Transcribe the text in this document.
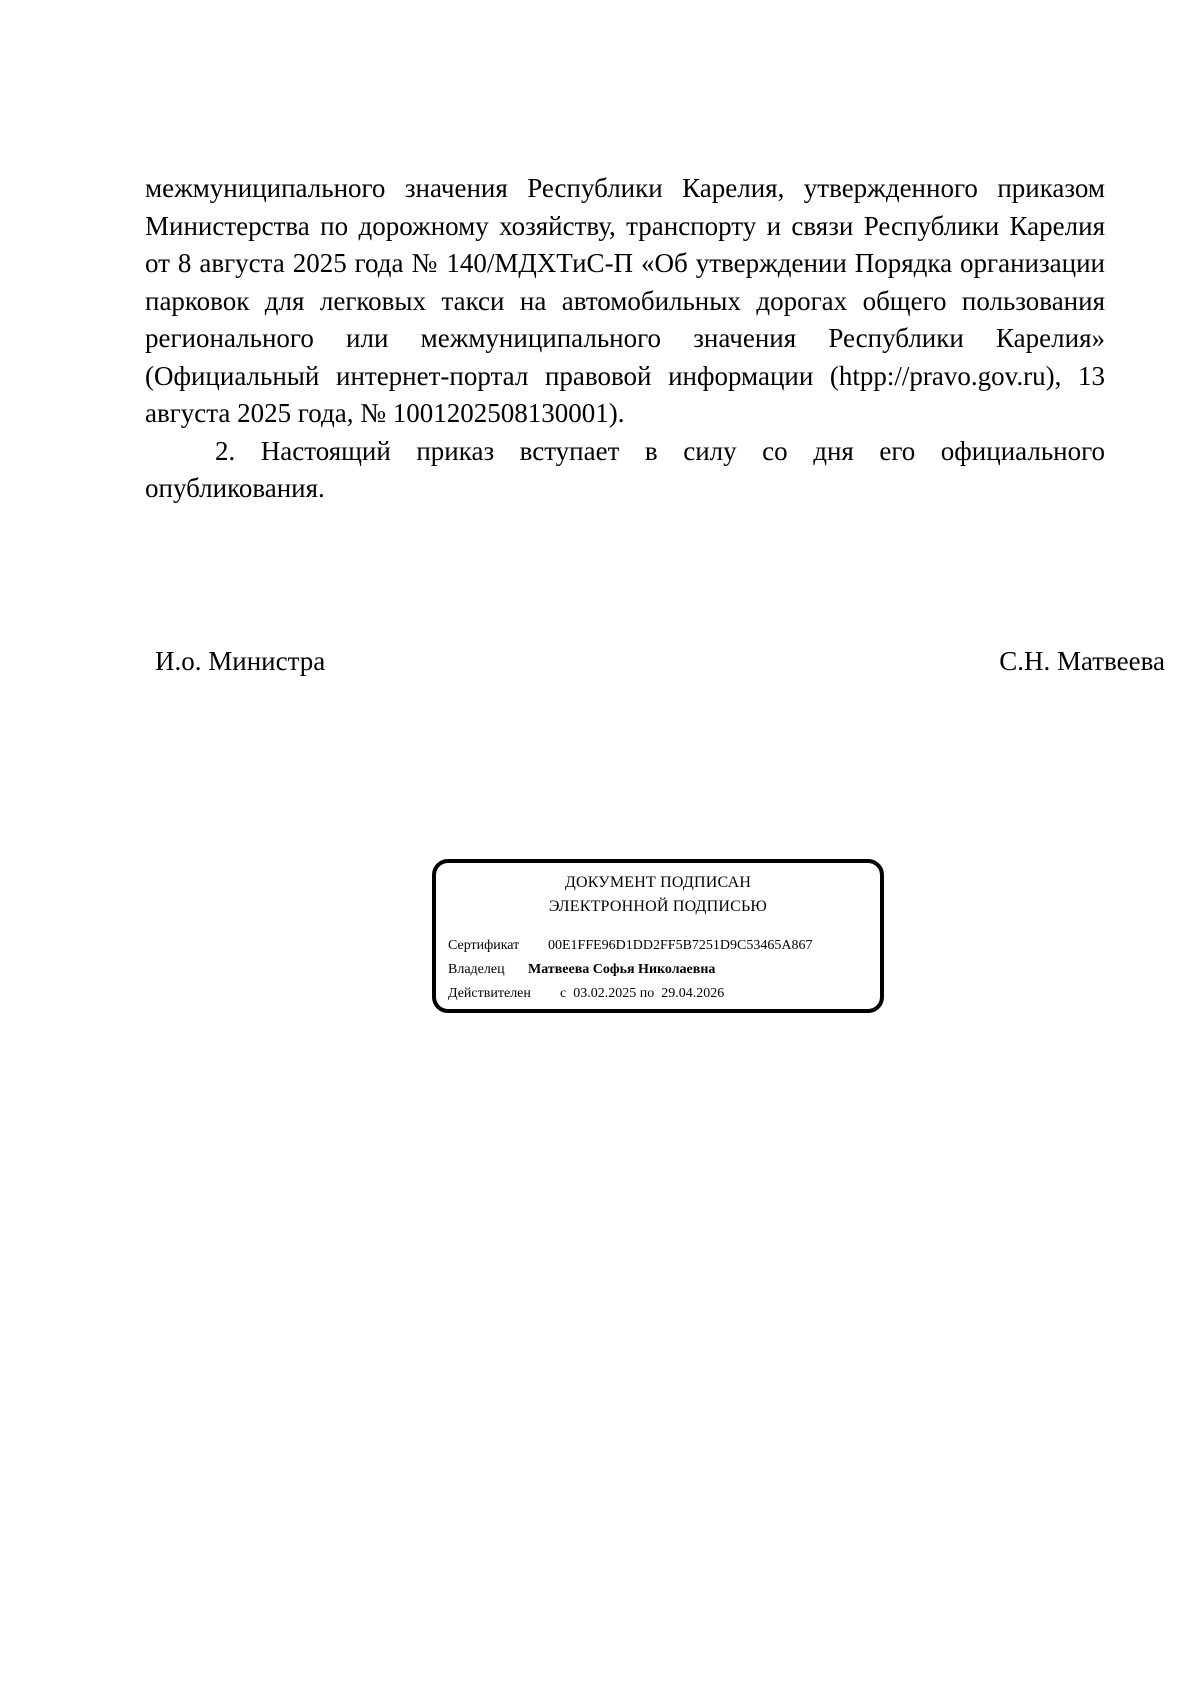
межмуниципального значения Республики Карелия, утвержденного приказом Министерства по дорожному хозяйству, транспорту и связи Республики Карелия от 8 августа 2025 года № 140/МДХТиС-П «Об утверждении Порядка организации парковок для легковых такси на автомобильных дорогах общего пользования регионального или межмуниципального значения Республики Карелия» (Официальный интернет-портал правовой информации (htpp://pravo.gov.ru), 13 августа 2025 года, № 1001202508130001).

2. Настоящий приказ вступает в силу со дня его официального опубликования.

И.о. Министра	С.Н. Матвеева
ДОКУМЕНТ ПОДПИСАН
ЭЛЕКТРОННОЙ ПОДПИСЬЮ
Сертификат 00E1FFE96D1DD2FF5B7251D9C53465A867
Владелец Матвеева Софья Николаевна
Действителен с  03.02.2025 по  29.04.2026
